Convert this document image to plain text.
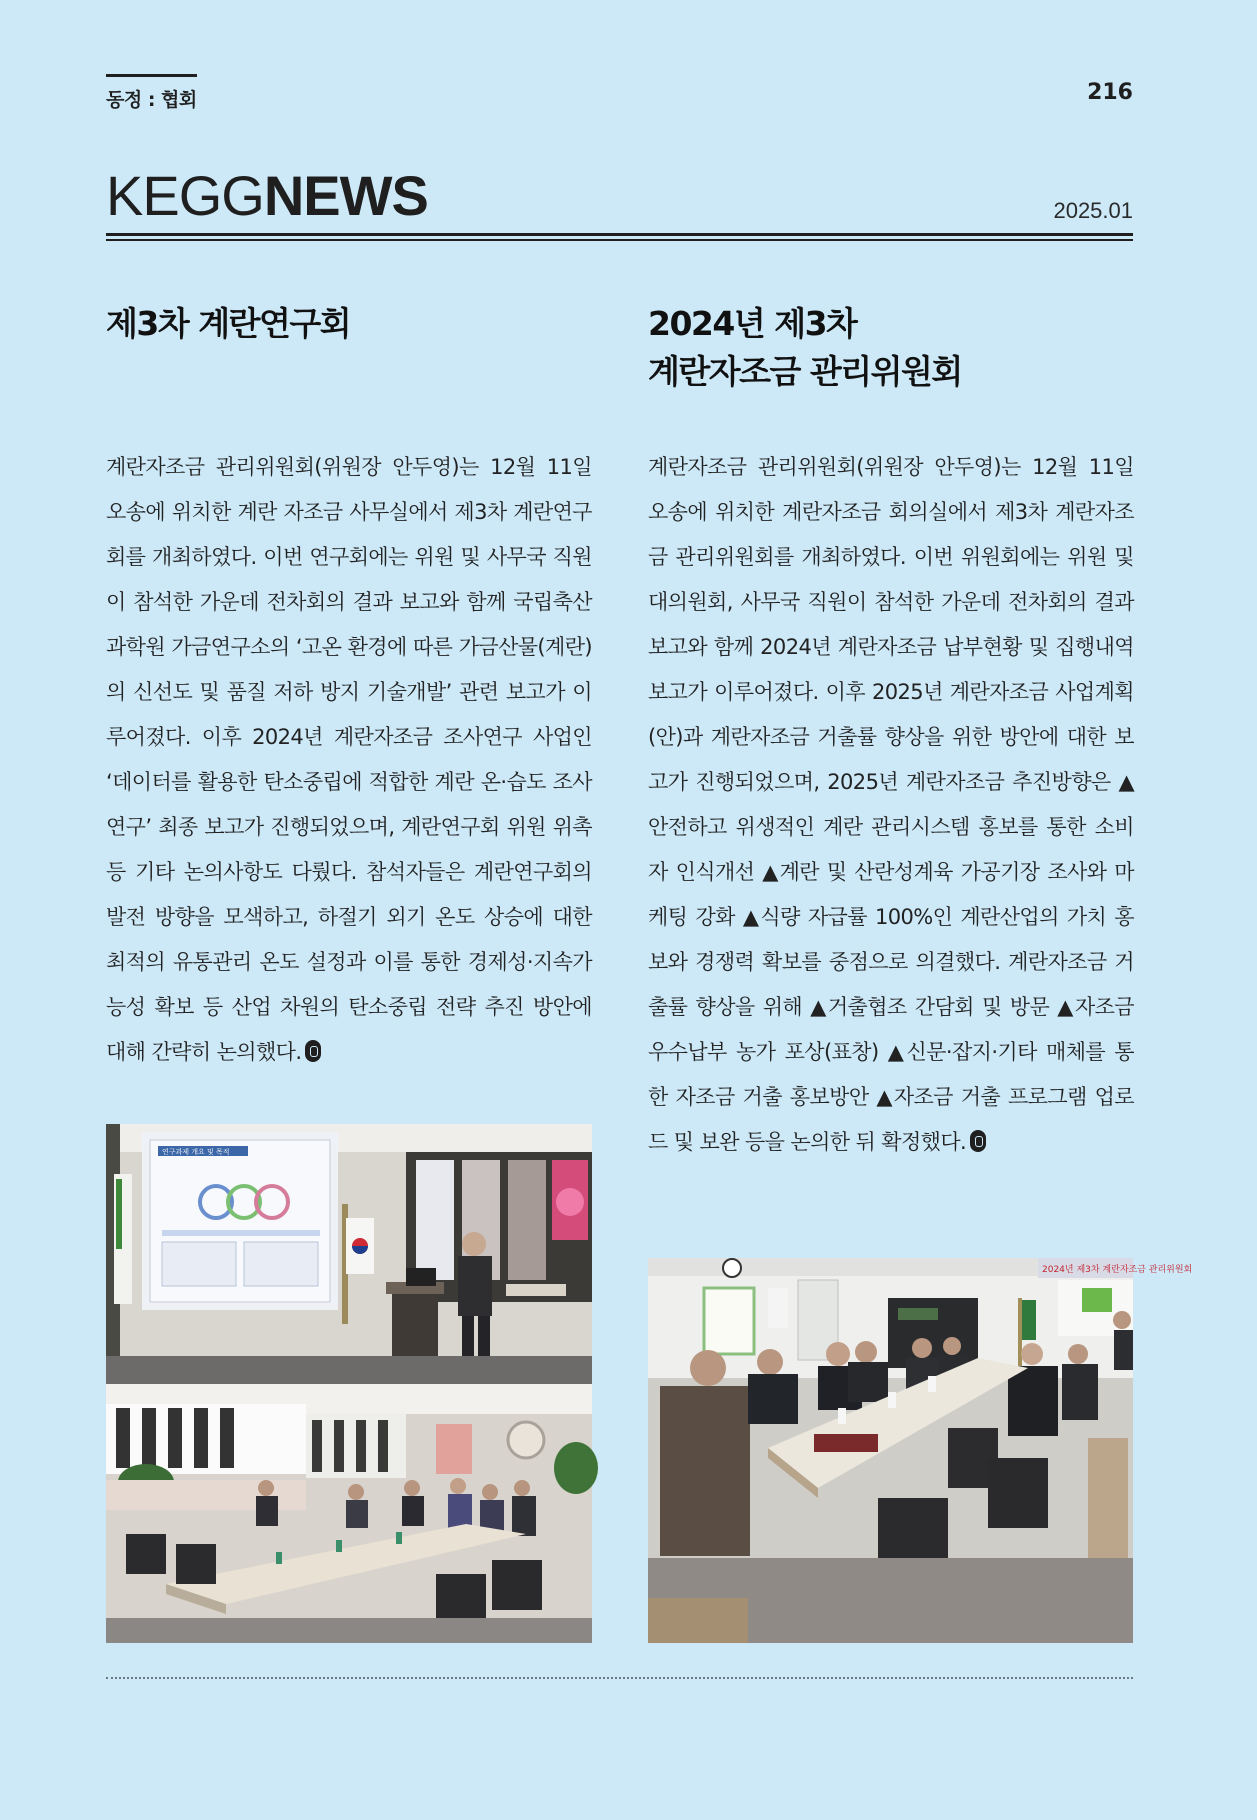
동정 : 협회	216
KEGGNEWS	2025.01
제3차 계란연구회
계란자조금 관리위원회(위원장 안두영)는 12월 11일 오송에 위치한 계란 자조금 사무실에서 제3차 계란연구회를 개최하였다. 이번 연구회에는 위원 및 사무국 직원이 참석한 가운데 전차회의 결과 보고와 함께 국립축산과학원 가금연구소의 ‘고온 환경에 따른 가금산물(계란)의 신선도 및 품질 저하 방지 기술개발’ 관련 보고가 이루어졌다. 이후 2024년 계란자조금 조사연구 사업인 ‘데이터를 활용한 탄소중립에 적합한 계란 온·습도 조사연구’ 최종 보고가 진행되었으며, 계란연구회 위원 위촉 등 기타 논의사항도 다뤘다. 참석자들은 계란연구회의 발전 방향을 모색하고, 하절기 외기 온도 상승에 대한 최적의 유통관리 온도 설정과 이를 통한 경제성·지속가능성 확보 등 산업 차원의 탄소중립 전략 추진 방안에 대해 간략히 논의했다.
2024년 제3차
계란자조금 관리위원회
계란자조금 관리위원회(위원장 안두영)는 12월 11일 오송에 위치한 계란자조금 회의실에서 제3차 계란자조금 관리위원회를 개최하였다. 이번 위원회에는 위원 및 대의원회, 사무국 직원이 참석한 가운데 전차회의 결과 보고와 함께 2024년 계란자조금 납부현황 및 집행내역 보고가 이루어졌다. 이후 2025년 계란자조금 사업계획(안)과 계란자조금 거출률 향상을 위한 방안에 대한 보고가 진행되었으며, 2025년 계란자조금 추진방향은 ▲안전하고 위생적인 계란 관리시스템 홍보를 통한 소비자 인식개선 ▲계란 및 산란성계육 가공기장 조사와 마케팅 강화 ▲식량 자급률 100%인 계란산업의 가치 홍보와 경쟁력 확보를 중점으로 의결했다. 계란자조금 거출률 향상을 위해 ▲거출협조 간담회 및 방문 ▲자조금 우수납부 농가 포상(표창) ▲신문·잡지·기타 매체를 통한 자조금 거출 홍보방안 ▲자조금 거출 프로그램 업로드 및 보완 등을 논의한 뒤 확정했다.
연구과제 개요 및 목적
2024년 제3차 계란자조금 관리위원회
